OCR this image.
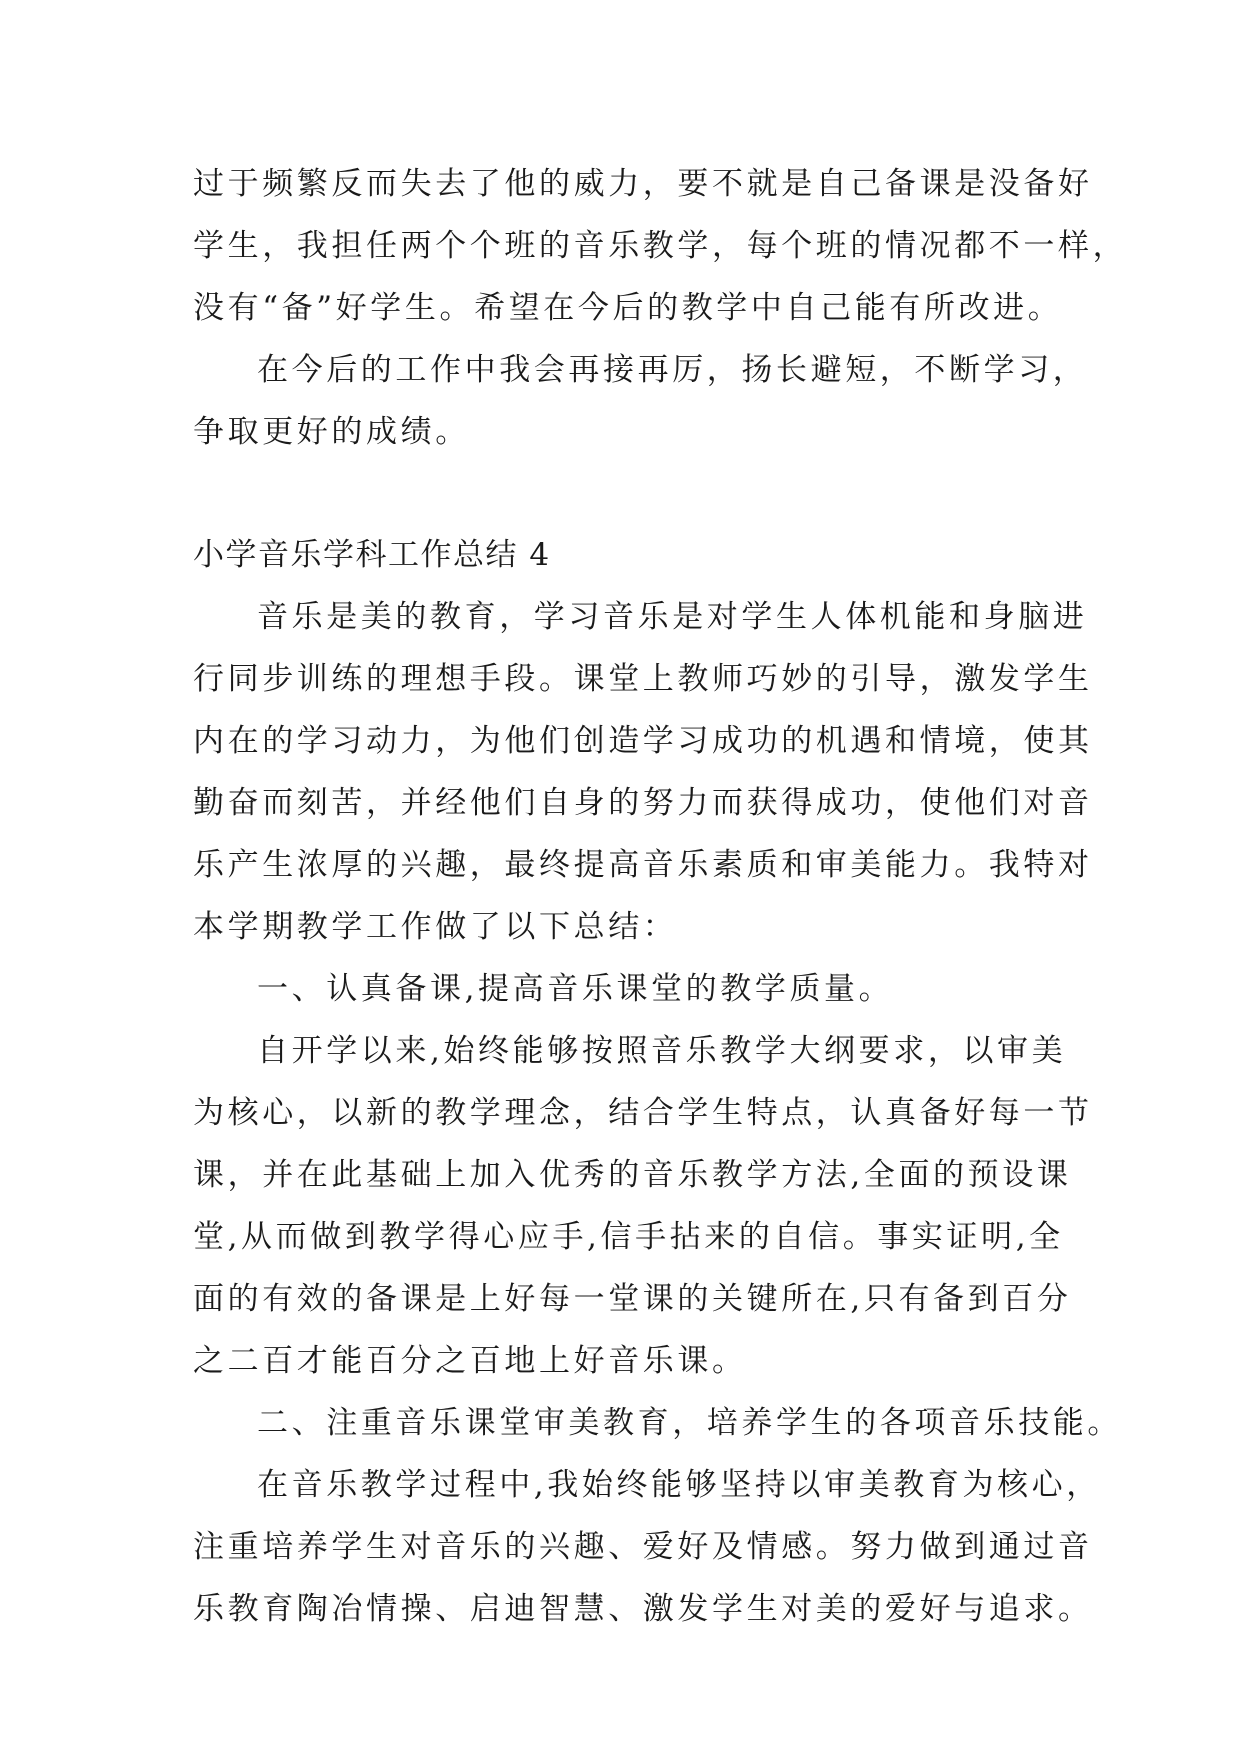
过于频繁反而失去了他的威力，要不就是自己备课是没备好
学生，我担任两个个班的音乐教学，每个班的情况都不一样，
没有“备”好学生。希望在今后的教学中自己能有所改进。
在今后的工作中我会再接再厉，扬长避短，不断学习，
争取更好的成绩。
小学音乐学科工作总结 4
音乐是美的教育，学习音乐是对学生人体机能和身脑进
行同步训练的理想手段。课堂上教师巧妙的引导，激发学生
内在的学习动力，为他们创造学习成功的机遇和情境，使其
勤奋而刻苦，并经他们自身的努力而获得成功，使他们对音
乐产生浓厚的兴趣，最终提高音乐素质和审美能力。我特对
本学期教学工作做了以下总结：
一、认真备课,提高音乐课堂的教学质量。
自开学以来,始终能够按照音乐教学大纲要求，以审美
为核心，以新的教学理念，结合学生特点，认真备好每一节
课，并在此基础上加入优秀的音乐教学方法,全面的预设课
堂,从而做到教学得心应手,信手拈来的自信。事实证明,全
面的有效的备课是上好每一堂课的关键所在,只有备到百分
之二百才能百分之百地上好音乐课。
二、注重音乐课堂审美教育，培养学生的各项音乐技能。
在音乐教学过程中,我始终能够坚持以审美教育为核心，
注重培养学生对音乐的兴趣、爱好及情感。努力做到通过音
乐教育陶冶情操、启迪智慧、激发学生对美的爱好与追求。
